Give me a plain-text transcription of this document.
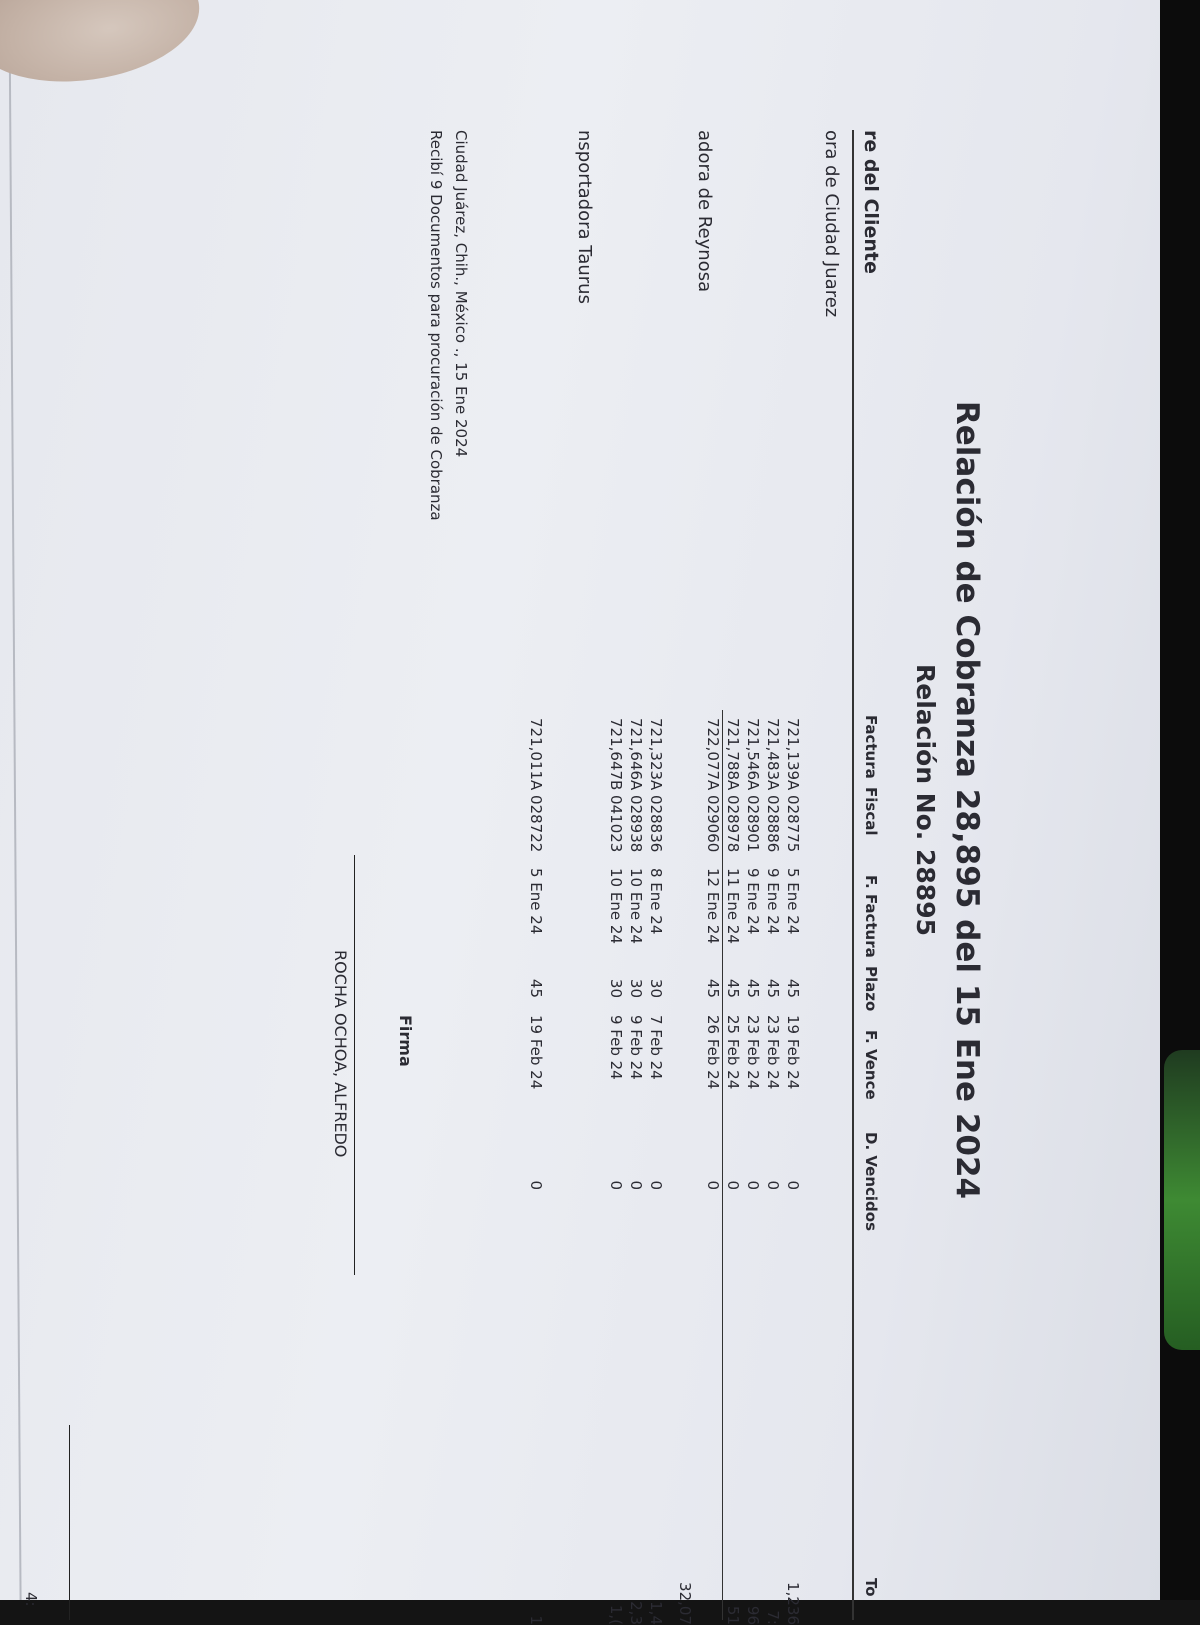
Relación de Cobranza 28,895 del 15 Ene 2024
Relación No. 28895
re del Cliente
Factura
Fiscal
F. Factura
Plazo
F. Vence
D. Vencidos
To
4:
Ciudad Juárez, Chih., México ., 15 Ene 2024
Recibí 9 Documentos para procuración de Cobranza
Firma
ROCHA OCHOA, ALFREDO
ora de Ciudad Juarez
721,139
A 028775
5 Ene 24
45
19 Feb 24
0
1,236
721,483
A 028886
9 Ene 24
45
23 Feb 24
0
7:
721,546
A 028901
9 Ene 24
45
23 Feb 24
0
96
721,788
A 028978
11 Ene 24
45
25 Feb 24
0
51
722,077
A 029060
12 Ene 24
45
26 Feb 24
0
32,07
adora de Reynosa
721,323
A 028836
8 Ene 24
30
7 Feb 24
0
1,4
721,646
A 028938
10 Ene 24
30
9 Feb 24
0
2,3
721,647
B 041023
10 Ene 24
30
9 Feb 24
0
1,(
nsportadora Taurus
721,011
A 028722
5 Ene 24
45
19 Feb 24
0
1
